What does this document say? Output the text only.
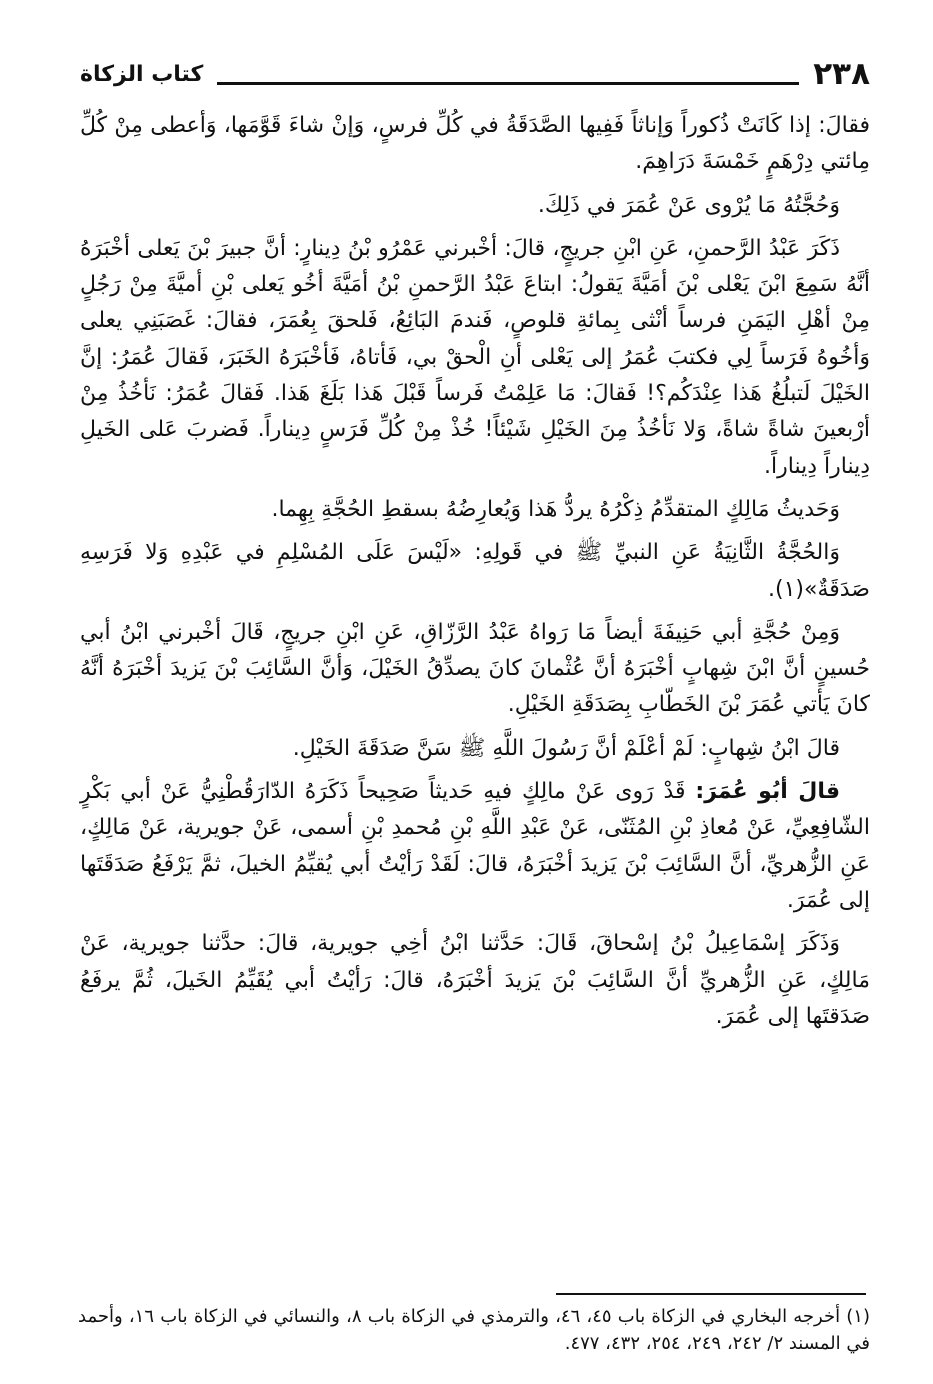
٢٣٨
كتاب الزكاة

فقالَ: إذا كَانَتْ ذُكوراً وَإناثاً فَفِيها الصَّدَقَةُ في كُلِّ فرسٍ، وَإنْ شاءَ قَوَّمَها، وَأعطى مِنْ كُلِّ مِائتي دِرْهَمٍ خَمْسَةَ دَرَاهِمَ.

وَحُجَّتُهُ مَا يُرْوى عَنْ عُمَرَ في ذَلِكَ.

ذَكَرَ عَبْدُ الرَّحمنِ، عَنِ ابْنِ جريجٍ، قالَ: أخْبرني عَمْرُو بْنُ دِينارٍ: أنَّ جبيرَ بْنَ يَعلى أخْبَرَهُ أنَّهُ سَمِعَ ابْنَ يَعْلى بْنَ أمَيَّةَ يَقولُ: ابتاعَ عَبْدُ الرَّحمنِ بْنُ أمَيَّةَ أخُو يَعلى بْنِ أميَّةَ مِنْ رَجُلٍ مِنْ أهْلِ اليَمَنِ فرساً أنْثى بِمائةِ قلوصٍ، فَندمَ البَائِعُ، فَلحقَ بِعُمَرَ، فقالَ: غَصَبَنِي يعلى وَأخُوهُ فَرَساً لِي فكتبَ عُمَرُ إلى يَعْلى أنِ الْحقْ بي، فَأتاهُ، فَأخْبَرَهُ الخَبَرَ، فَقالَ عُمَرُ: إنَّ الخَيْلَ لَتبلُغُ هَذا عِنْدَكُم؟! فَقالَ: مَا عَلِمْتُ فَرساً قَبْلَ هَذا بَلَغَ هَذا. فَقالَ عُمَرُ: نَأخُذُ مِنْ أرْبعينَ شاةً شاةً، وَلا نَأخُذُ مِنَ الخَيْلِ شَيْئاً! خُذْ مِنْ كُلِّ فَرَسٍ دِيناراً. فَضربَ عَلى الخَيلِ دِيناراً دِيناراً.

وَحَديثُ مَالِكٍ المتقدِّمُ ذِكْرُهُ يردُّ هَذا وَيُعارِضُهُ بسقطِ الحُجَّةِ بِهِما.

وَالحُجَّةُ الثَّانِيَةُ عَنِ النبيِّ ﷺ في قَولِهِ: «لَيْسَ عَلَى المُسْلِمِ في عَبْدِهِ وَلا فَرَسِهِ صَدَقَةٌ»(١).

وَمِنْ حُجَّةِ أبي حَنِيفَةَ أيضاً مَا رَواهُ عَبْدُ الرَّزّاقِ، عَنِ ابْنِ جريجٍ، قَالَ أخْبرني ابْنُ أبي حُسينٍ أنَّ ابْنَ شِهابٍ أخْبَرَهُ أنَّ عُثْمانَ كانَ يصدِّقُ الخَيْلَ، وَأنَّ السَّائِبَ بْنَ يَزيدَ أخْبَرَهُ أنَّهُ كانَ يَأتي عُمَرَ بْنَ الخَطّابِ بِصَدَقَةِ الخَيْلِ.

قالَ ابْنُ شِهابٍ: لَمْ أعْلَمْ أنَّ رَسُولَ اللَّهِ ﷺ سَنَّ صَدَقَةَ الخَيْلِ.

قالَ أبُو عُمَرَ: قَدْ رَوى عَنْ مالِكٍ فيهِ حَديثاً صَحِيحاً ذَكَرَهُ الدّارَقُطْنِيُّ عَنْ أبي بَكْرٍ الشّافِعِيِّ، عَنْ مُعاذِ بْنِ المُثَنّى، عَنْ عَبْدِ اللَّهِ بْنِ مُحمدِ بْنِ أسمى، عَنْ جويرية، عَنْ مَالِكٍ، عَنِ الزُّهريِّ، أنَّ السَّائِبَ بْنَ يَزيدَ أخْبَرَهُ، قالَ: لَقَدْ رَأيْتُ أبي يُقيِّمُ الخيلَ، ثمَّ يَرْفَعُ صَدَقَتَها إلى عُمَرَ.

وَذَكَرَ إسْمَاعِيلُ بْنُ إسْحاقَ، قَالَ: حَدَّثنا ابْنُ أخِي جويرية، قالَ: حدَّثنا جويرية، عَنْ مَالِكٍ، عَنِ الزُّهريِّ أنَّ السَّائِبَ بْنَ يَزيدَ أخْبَرَهُ، قالَ: رَأيْتُ أبي يُقَيِّمُ الخَيلَ، ثُمَّ يرفَعُ صَدَقتَها إلى عُمَرَ.

(١) أخرجه البخاري في الزكاة باب ٤٥، ٤٦، والترمذي في الزكاة باب ٨، والنسائي في الزكاة باب ١٦، وأحمد في المسند ٢/ ٢٤٢، ٢٤٩، ٢٥٤، ٤٣٢، ٤٧٧.
